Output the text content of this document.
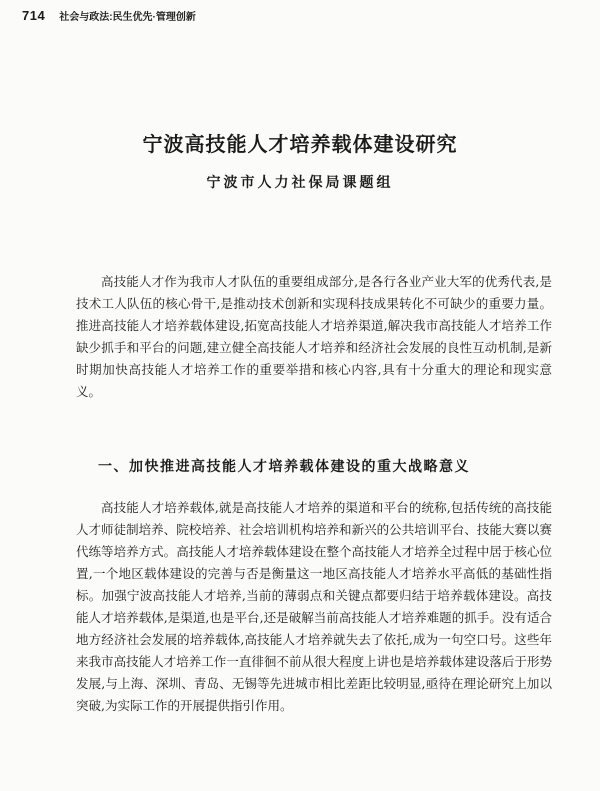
714 社会与政法:民生优先·管理创新
宁波高技能人才培养载体建设研究
宁波市人力社保局课题组

高技能人才作为我市人才队伍的重要组成部分,是各行各业产业大军的优秀代表,是技术工人队伍的核心骨干,是推动技术创新和实现科技成果转化不可缺少的重要力量。推进高技能人才培养载体建设,拓宽高技能人才培养渠道,解决我市高技能人才培养工作缺少抓手和平台的问题,建立健全高技能人才培养和经济社会发展的良性互动机制,是新时期加快高技能人才培养工作的重要举措和核心内容,具有十分重大的理论和现实意义。

一、加快推进高技能人才培养载体建设的重大战略意义

高技能人才培养载体,就是高技能人才培养的渠道和平台的统称,包括传统的高技能人才师徒制培养、院校培养、社会培训机构培养和新兴的公共培训平台、技能大赛以赛代练等培养方式。高技能人才培养载体建设在整个高技能人才培养全过程中居于核心位置,一个地区载体建设的完善与否是衡量这一地区高技能人才培养水平高低的基础性指标。加强宁波高技能人才培养,当前的薄弱点和关键点都要归结于培养载体建设。高技能人才培养载体,是渠道,也是平台,还是破解当前高技能人才培养难题的抓手。没有适合地方经济社会发展的培养载体,高技能人才培养就失去了依托,成为一句空口号。这些年来我市高技能人才培养工作一直徘徊不前从很大程度上讲也是培养载体建设落后于形势发展,与上海、深圳、青岛、无锡等先进城市相比差距比较明显,亟待在理论研究上加以突破,为实际工作的开展提供指引作用。
